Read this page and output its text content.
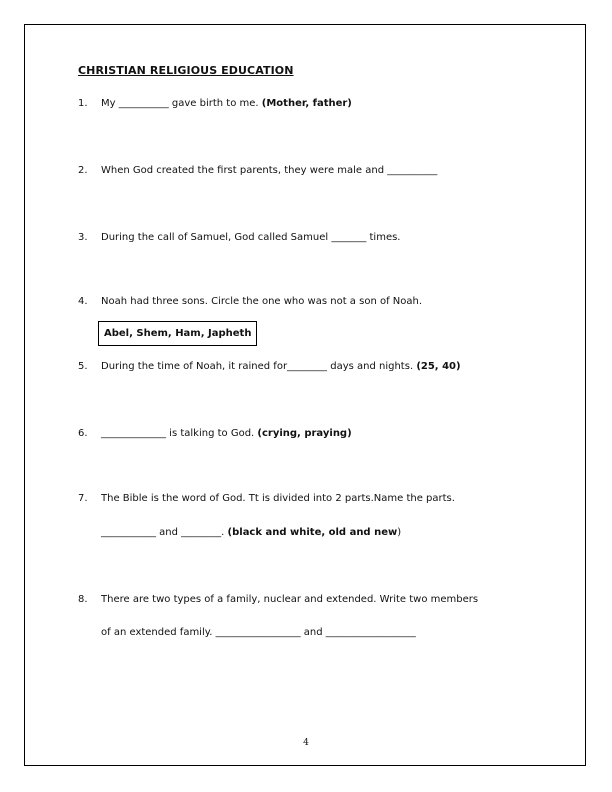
CHRISTIAN RELIGIOUS EDUCATION
1. My __________ gave birth to me. (Mother, father)
2. When God created the first parents, they were male and __________
3. During the call of Samuel, God called Samuel _______ times.
4. Noah had three sons. Circle the one who was not a son of Noah.
Abel, Shem, Ham, Japheth
5. During the time of Noah, it rained for________ days and nights. (25, 40)
6. _____________ is talking to God. (crying, praying)
7. The Bible is the word of God. Tt is divided into 2 parts.Name the parts.
___________ and ________. (black and white, old and new)
8. There are two types of a family, nuclear and extended. Write two members
of an extended family. _________________ and __________________
4
